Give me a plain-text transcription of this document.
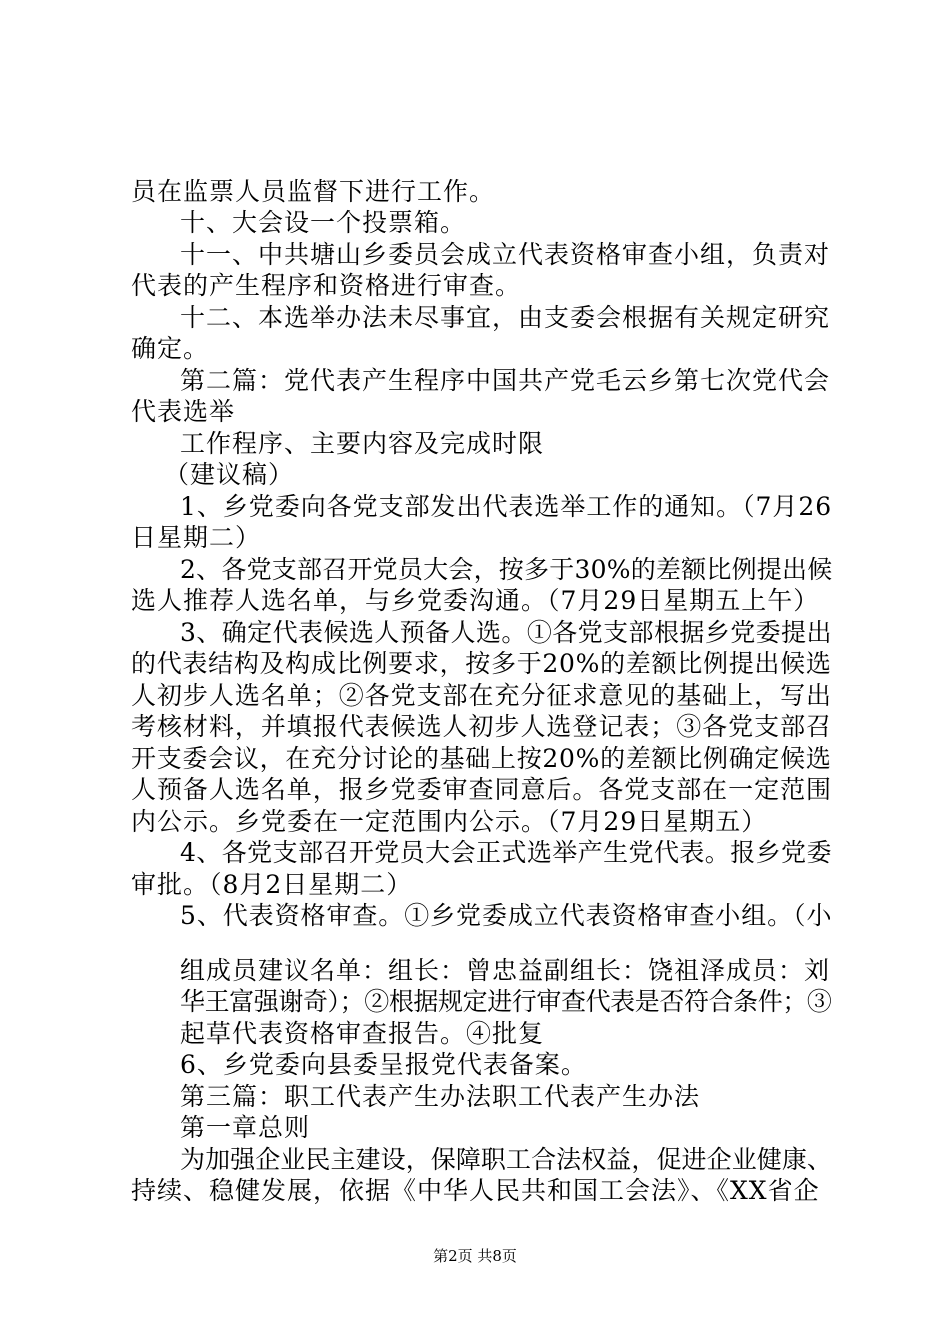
员在监票人员监督下进行工作。
十、大会设一个投票箱。
十一、中共塘山乡委员会成立代表资格审查小组，负责对
代表的产生程序和资格进行审查。
十二、本选举办法未尽事宜，由支委会根据有关规定研究
确定。
第二篇：党代表产生程序中国共产党毛云乡第七次党代会
代表选举
工作程序、主要内容及完成时限
（建议稿）
1、乡党委向各党支部发出代表选举工作的通知。（7月26
日星期二）
2、各党支部召开党员大会，按多于30%的差额比例提出候
选人推荐人选名单，与乡党委沟通。（7月29日星期五上午）
3、确定代表候选人预备人选。①各党支部根据乡党委提出
的代表结构及构成比例要求，按多于20%的差额比例提出候选
人初步人选名单；②各党支部在充分征求意见的基础上，写出
考核材料，并填报代表候选人初步人选登记表；③各党支部召
开支委会议，在充分讨论的基础上按20%的差额比例确定候选
人预备人选名单，报乡党委审查同意后。各党支部在一定范围
内公示。乡党委在一定范围内公示。（7月29日星期五）
4、各党支部召开党员大会正式选举产生党代表。报乡党委
审批。（8月2日星期二）
5、代表资格审查。①乡党委成立代表资格审查小组。（小
组成员建议名单：组长：曾忠益副组长：饶祖泽成员：刘
华王富强谢奇）；②根据规定进行审查代表是否符合条件；③
起草代表资格审查报告。④批复
6、乡党委向县委呈报党代表备案。
第三篇：职工代表产生办法职工代表产生办法
第一章总则
为加强企业民主建设，保障职工合法权益，促进企业健康、
持续、稳健发展，依据《中华人民共和国工会法》、《XX省企
第2页 共8页
